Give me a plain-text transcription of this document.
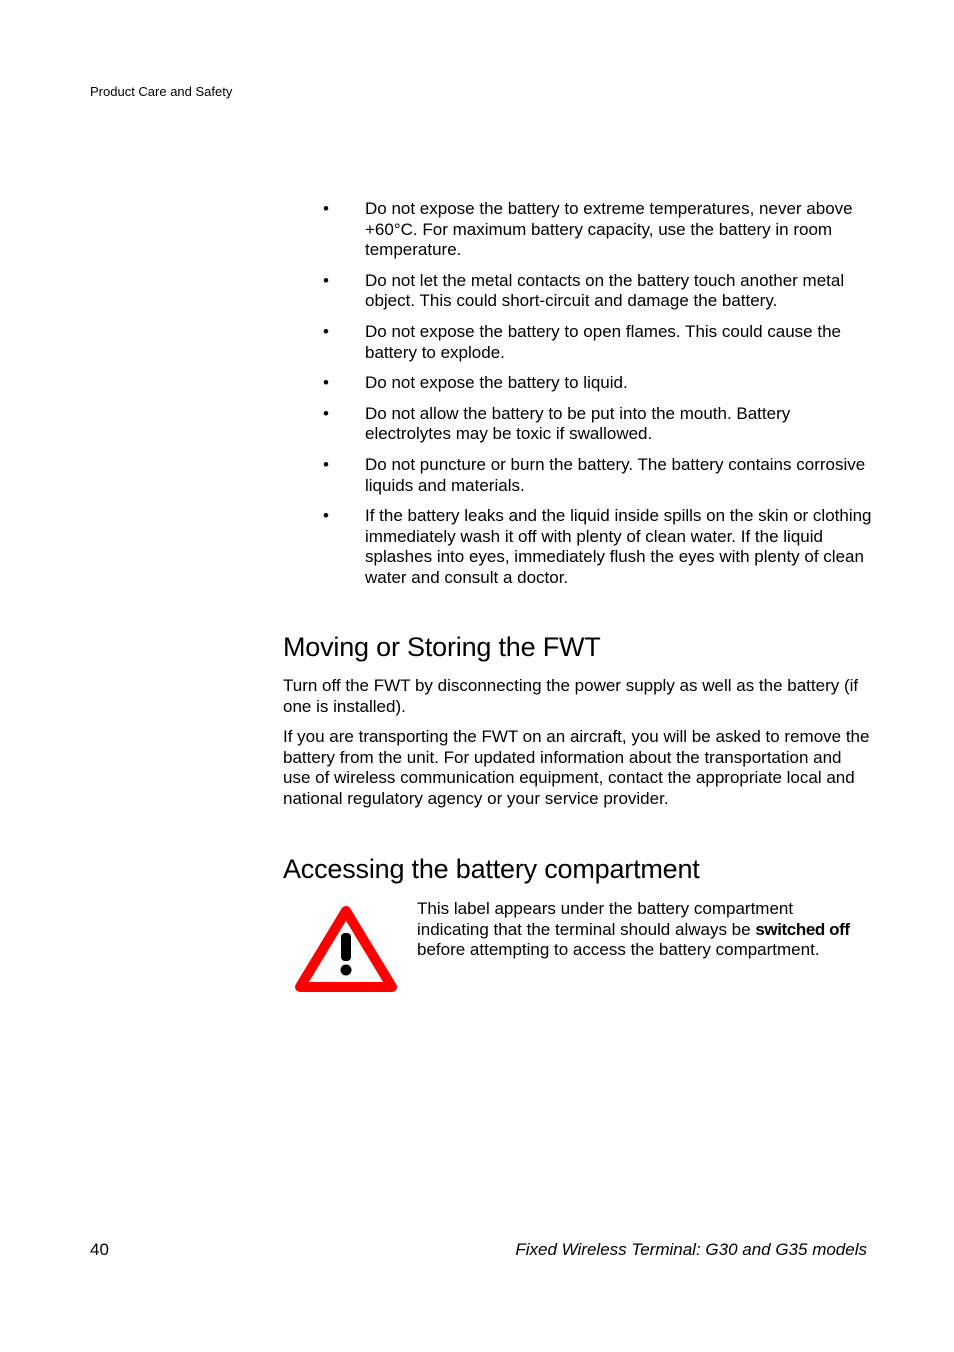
Product Care and Safety
• Do not expose the battery to extreme temperatures, never above +60°C. For maximum battery capacity, use the battery in room temperature.
• Do not let the metal contacts on the battery touch another metal object. This could short-circuit and damage the battery.
• Do not expose the battery to open flames. This could cause the battery to explode.
• Do not expose the battery to liquid.
• Do not allow the battery to be put into the mouth. Battery electrolytes may be toxic if swallowed.
• Do not puncture or burn the battery. The battery contains corrosive liquids and materials.
• If the battery leaks and the liquid inside spills on the skin or clothing immediately wash it off with plenty of clean water. If the liquid splashes into eyes, immediately flush the eyes with plenty of clean water and consult a doctor.
Moving or Storing the FWT

Turn off the FWT by disconnecting the power supply as well as the battery (if one is installed).

If you are transporting the FWT on an aircraft, you will be asked to remove the battery from the unit. For updated information about the transportation and use of wireless communication equipment, contact the appropriate local and national regulatory agency or your service provider.

Accessing the battery compartment

This label appears under the battery compartment indicating that the terminal should always be switched off before attempting to access the battery compartment.

40	Fixed Wireless Terminal: G30 and G35 models
